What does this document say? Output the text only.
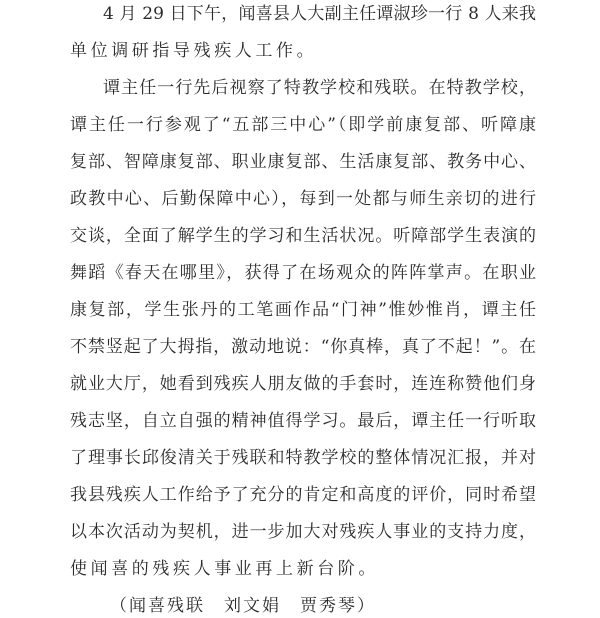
4 月 29 日下午，闻喜县人大副主任谭淑珍一行 8 人来我
单位调研指导残疾人工作。
谭主任一行先后视察了特教学校和残联。在特教学校，
谭主任一行参观了“五部三中心”（即学前康复部、听障康
复部、智障康复部、职业康复部、生活康复部、教务中心、
政教中心、后勤保障中心），每到一处都与师生亲切的进行
交谈，全面了解学生的学习和生活状况。听障部学生表演的
舞蹈《春天在哪里》，获得了在场观众的阵阵掌声。在职业
康复部，学生张丹的工笔画作品“门神”惟妙惟肖，谭主任
不禁竖起了大拇指，激动地说：“你真棒，真了不起！”。在
就业大厅，她看到残疾人朋友做的手套时，连连称赞他们身
残志坚，自立自强的精神值得学习。最后，谭主任一行听取
了理事长邱俊清关于残联和特教学校的整体情况汇报，并对
我县残疾人工作给予了充分的肯定和高度的评价，同时希望
以本次活动为契机，进一步加大对残疾人事业的支持力度，
使闻喜的残疾人事业再上新台阶。
（闻喜残联　刘文娟　贾秀琴）
